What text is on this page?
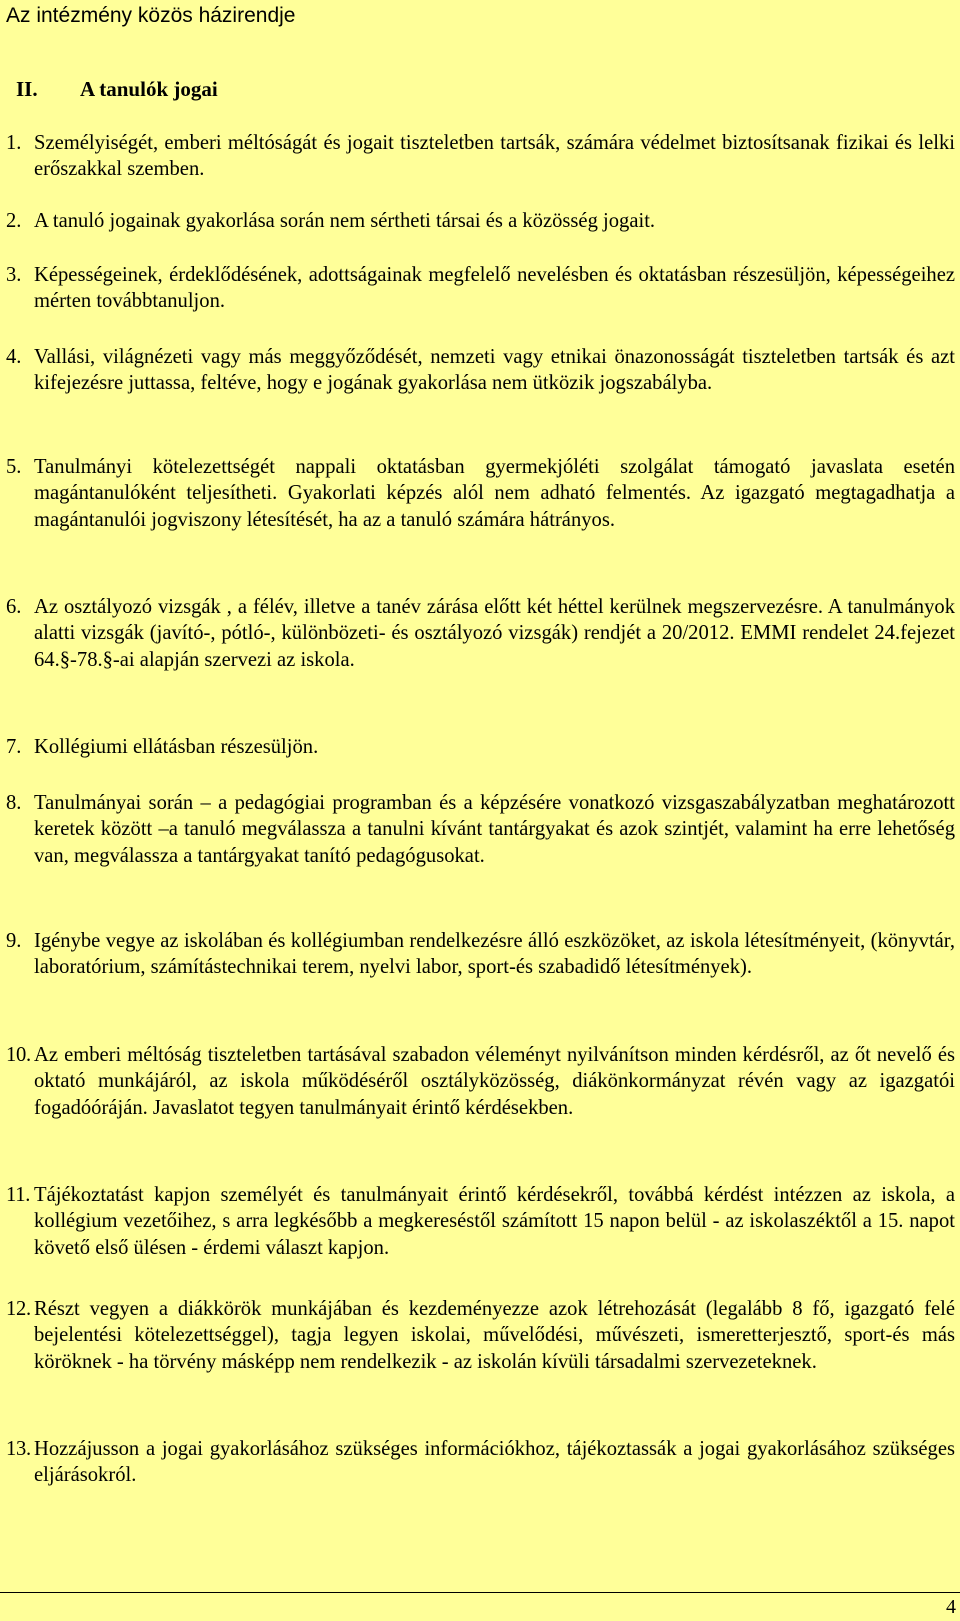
Az intézmény közös házirendje
II. A tanulók jogai
1. Személyiségét, emberi méltóságát és jogait tiszteletben tartsák, számára védelmet biztosítsanak fizikai és lelki erőszakkal szemben.
2. A tanuló jogainak gyakorlása során nem sértheti társai és a közösség jogait.
3. Képességeinek, érdeklődésének, adottságainak megfelelő nevelésben és oktatásban részesüljön, képességeihez mérten továbbtanuljon.
4. Vallási, világnézeti vagy más meggyőződését, nemzeti vagy etnikai önazonosságát tiszteletben tartsák és azt kifejezésre juttassa, feltéve, hogy e jogának gyakorlása nem ütközik jogszabályba.
5. Tanulmányi kötelezettségét nappali oktatásban gyermekjóléti szolgálat támogató javaslata esetén magántanulóként teljesítheti. Gyakorlati képzés alól nem adható felmentés. Az igazgató megtagadhatja a magántanulói jogviszony létesítését, ha az a tanuló számára hátrányos.
6. Az osztályozó vizsgák , a félév, illetve a tanév zárása előtt két héttel kerülnek megszervezésre. A tanulmányok alatti vizsgák (javító-, pótló-, különbözeti- és osztályozó vizsgák) rendjét a 20/2012. EMMI rendelet 24.fejezet 64.§-78.§-ai alapján szervezi az iskola.
7. Kollégiumi ellátásban részesüljön.
8. Tanulmányai során – a pedagógiai programban és a képzésére vonatkozó vizsgaszabályzatban meghatározott keretek között –a tanuló megválassza a tanulni kívánt tantárgyakat és azok szintjét, valamint ha erre lehetőség van, megválassza a tantárgyakat tanító pedagógusokat.
9. Igénybe vegye az iskolában és kollégiumban rendelkezésre álló eszközöket, az iskola létesítményeit, (könyvtár, laboratórium, számítástechnikai terem, nyelvi labor, sport-és szabadidő létesítmények).
10. Az emberi méltóság tiszteletben tartásával szabadon véleményt nyilvánítson minden kérdésről, az őt nevelő és oktató munkájáról, az iskola működéséről osztályközösség, diákönkormányzat révén vagy az igazgatói fogadóóráján. Javaslatot tegyen tanulmányait érintő kérdésekben.
11. Tájékoztatást kapjon személyét és tanulmányait érintő kérdésekről, továbbá kérdést intézzen az iskola, a kollégium vezetőihez, s arra legkésőbb a megkereséstől számított 15 napon belül - az iskolaszéktől a 15. napot követő első ülésen - érdemi választ kapjon.
12. Részt vegyen a diákkörök munkájában és kezdeményezze azok létrehozását (legalább 8 fő, igazgató felé bejelentési kötelezettséggel), tagja legyen iskolai, művelődési, művészeti, ismeretterjesztő, sport-és más köröknek - ha törvény másképp nem rendelkezik - az iskolán kívüli társadalmi szervezeteknek.
13. Hozzájusson a jogai gyakorlásához szükséges információkhoz, tájékoztassák a jogai gyakorlásához szükséges eljárásokról.
4
